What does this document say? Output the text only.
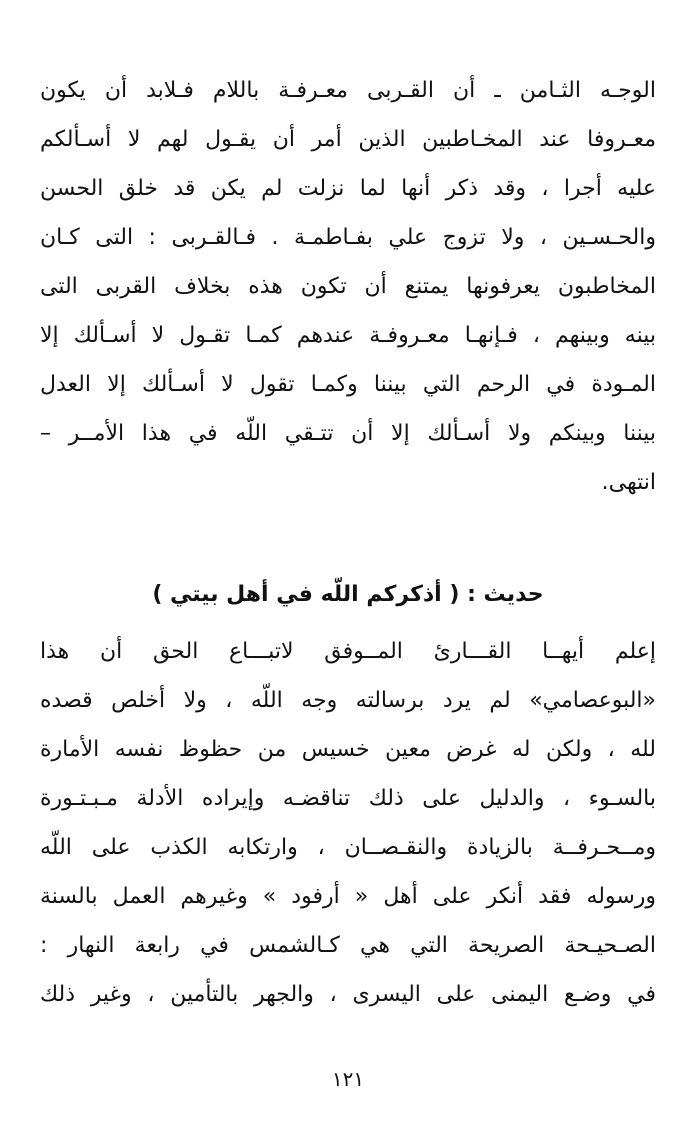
الوجـه الثـامن ـ أن القـربى معـرفـة باللام فـلابد أن يكون
معـروفا عند المخـاطبين الذين أمر أن يقـول لهم لا أسـألكم
عليه أجرا ، وقد ذكر أنها لما نزلت لم يكن قد خلق الحسن
والحـسـين ، ولا تزوج علي بفـاطمـة . فـالقـربى : التى كـان
المخاطبون يعرفونها يمتنع أن تكون هذه بخلاف القربى التى
بينه وبينهم ، فـإنهـا معـروفـة عندهم كمـا تقـول لا أسـألك إلا
المـودة في الرحم التي بيننا وكمـا تقول لا أسـألك إلا العدل
بيننا وبينكم ولا أسـألك إلا أن تتـقي اللّه في هذا الأمــر –
انتهى.
حديث : ( أذكركم اللّه في أهل بيتي )
إعلم أيهــا القـــارئ المــوفق لاتبـــاع الحق أن هذا
«البوعصامي» لم يرد برسالته وجه اللّه ، ولا أخلص قصده
لله ، ولكن له غرض معين خسيس من حظوظ نفسه الأمارة
بالسـوء ، والدليل على ذلك تناقضـه وإيراده الأدلة مـبـتـورة
ومــحـرفــة بالزيادة والنقـصــان ، وارتكابه الكذب على اللّه
ورسوله فقد أنكر على أهل « أرفود » وغيرهم العمل بالسنة
الصـحيـحة الصريحة التي هي كـالشمس في رابعة النهار :
في وضـع اليمنى على اليسرى ، والجهر بالتأمين ، وغير ذلك
١٢١
